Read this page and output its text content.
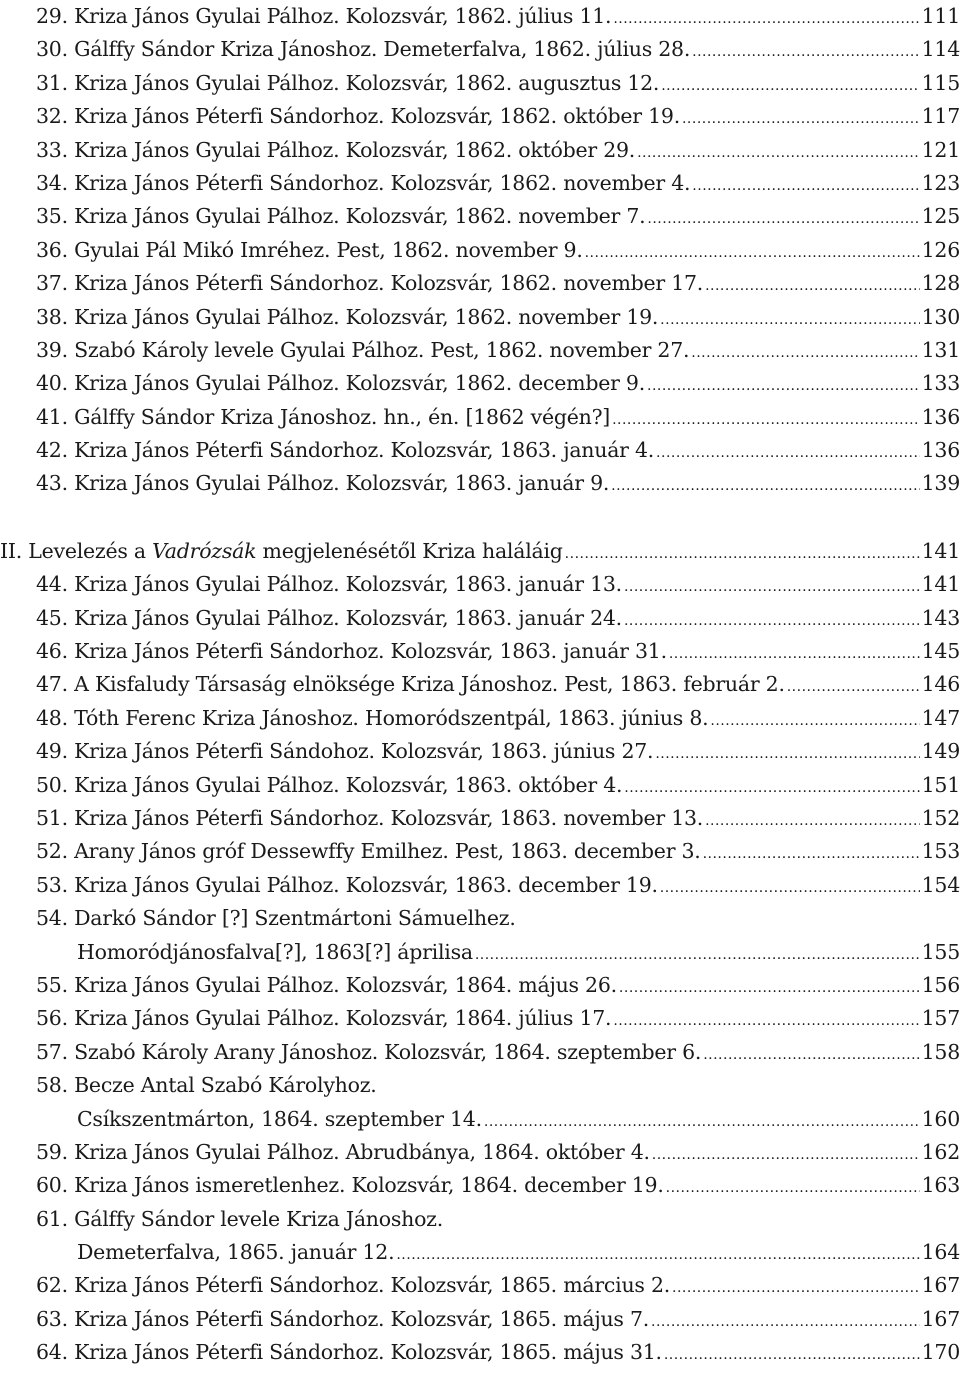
29. Kriza János Gyulai Pálhoz. Kolozsvár, 1862. július 11. .....	111
30. Gálffy Sándor Kriza Jánoshoz. Demeterfalva, 1862. július 28. .....	114
31. Kriza János Gyulai Pálhoz. Kolozsvár, 1862. augusztus 12. .....	115
32. Kriza János Péterfi Sándorhoz. Kolozsvár, 1862. október 19. .....	117
33. Kriza János Gyulai Pálhoz. Kolozsvár, 1862. október 29. .....	121
34. Kriza János Péterfi Sándorhoz. Kolozsvár, 1862. november 4. .....	123
35. Kriza János Gyulai Pálhoz. Kolozsvár, 1862. november 7. .....	125
36. Gyulai Pál Mikó Imréhez. Pest, 1862. november 9. .....	126
37. Kriza János Péterfi Sándorhoz. Kolozsvár, 1862. november 17. .....	128
38. Kriza János Gyulai Pálhoz. Kolozsvár, 1862. november 19. .....	130
39. Szabó Károly levele Gyulai Pálhoz. Pest, 1862. november 27. .....	131
40. Kriza János Gyulai Pálhoz. Kolozsvár, 1862. december 9. .....	133
41. Gálffy Sándor Kriza Jánoshoz. hn., én. [1862 végén?] .....	136
42. Kriza János Péterfi Sándorhoz. Kolozsvár, 1863. január 4. .....	136
43. Kriza János Gyulai Pálhoz. Kolozsvár, 1863. január 9. .....	139
II. Levelezés a Vadrózsák megjelenésétől Kriza haláláig .....	141
44. Kriza János Gyulai Pálhoz. Kolozsvár, 1863. január 13. .....	141
45. Kriza János Gyulai Pálhoz. Kolozsvár, 1863. január 24. .....	143
46. Kriza János Péterfi Sándorhoz. Kolozsvár, 1863. január 31. .....	145
47. A Kisfaludy Társaság elnöksége Kriza Jánoshoz. Pest, 1863. február 2. .....	146
48. Tóth Ferenc Kriza Jánoshoz. Homoródszentpál, 1863. június 8. .....	147
49. Kriza János Péterfi Sándohoz. Kolozsvár, 1863. június 27. .....	149
50. Kriza János Gyulai Pálhoz. Kolozsvár, 1863. október 4. .....	151
51. Kriza János Péterfi Sándorhoz. Kolozsvár, 1863. november 13. .....	152
52. Arany János gróf Dessewffy Emilhez. Pest, 1863. december 3. .....	153
53. Kriza János Gyulai Pálhoz. Kolozsvár, 1863. december 19. .....	154
54. Darkó Sándor [?] Szentmártoni Sámuelhez.
Homoródjánosfalva[?], 1863[?] áprilisa .....	155
55. Kriza János Gyulai Pálhoz. Kolozsvár, 1864. május 26. .....	156
56. Kriza János Gyulai Pálhoz. Kolozsvár, 1864. július 17. .....	157
57. Szabó Károly Arany Jánoshoz. Kolozsvár, 1864. szeptember 6. .....	158
58. Becze Antal Szabó Károlyhoz.
Csíkszentmárton, 1864. szeptember 14. .....	160
59. Kriza János Gyulai Pálhoz. Abrudbánya, 1864. október 4. .....	162
60. Kriza János ismeretlenhez. Kolozsvár, 1864. december 19. .....	163
61. Gálffy Sándor levele Kriza Jánoshoz.
Demeterfalva, 1865. január 12. .....	164
62. Kriza János Péterfi Sándorhoz. Kolozsvár, 1865. március 2. .....	167
63. Kriza János Péterfi Sándorhoz. Kolozsvár, 1865. május 7. .....	167
64. Kriza János Péterfi Sándorhoz. Kolozsvár, 1865. május 31. .....	170
